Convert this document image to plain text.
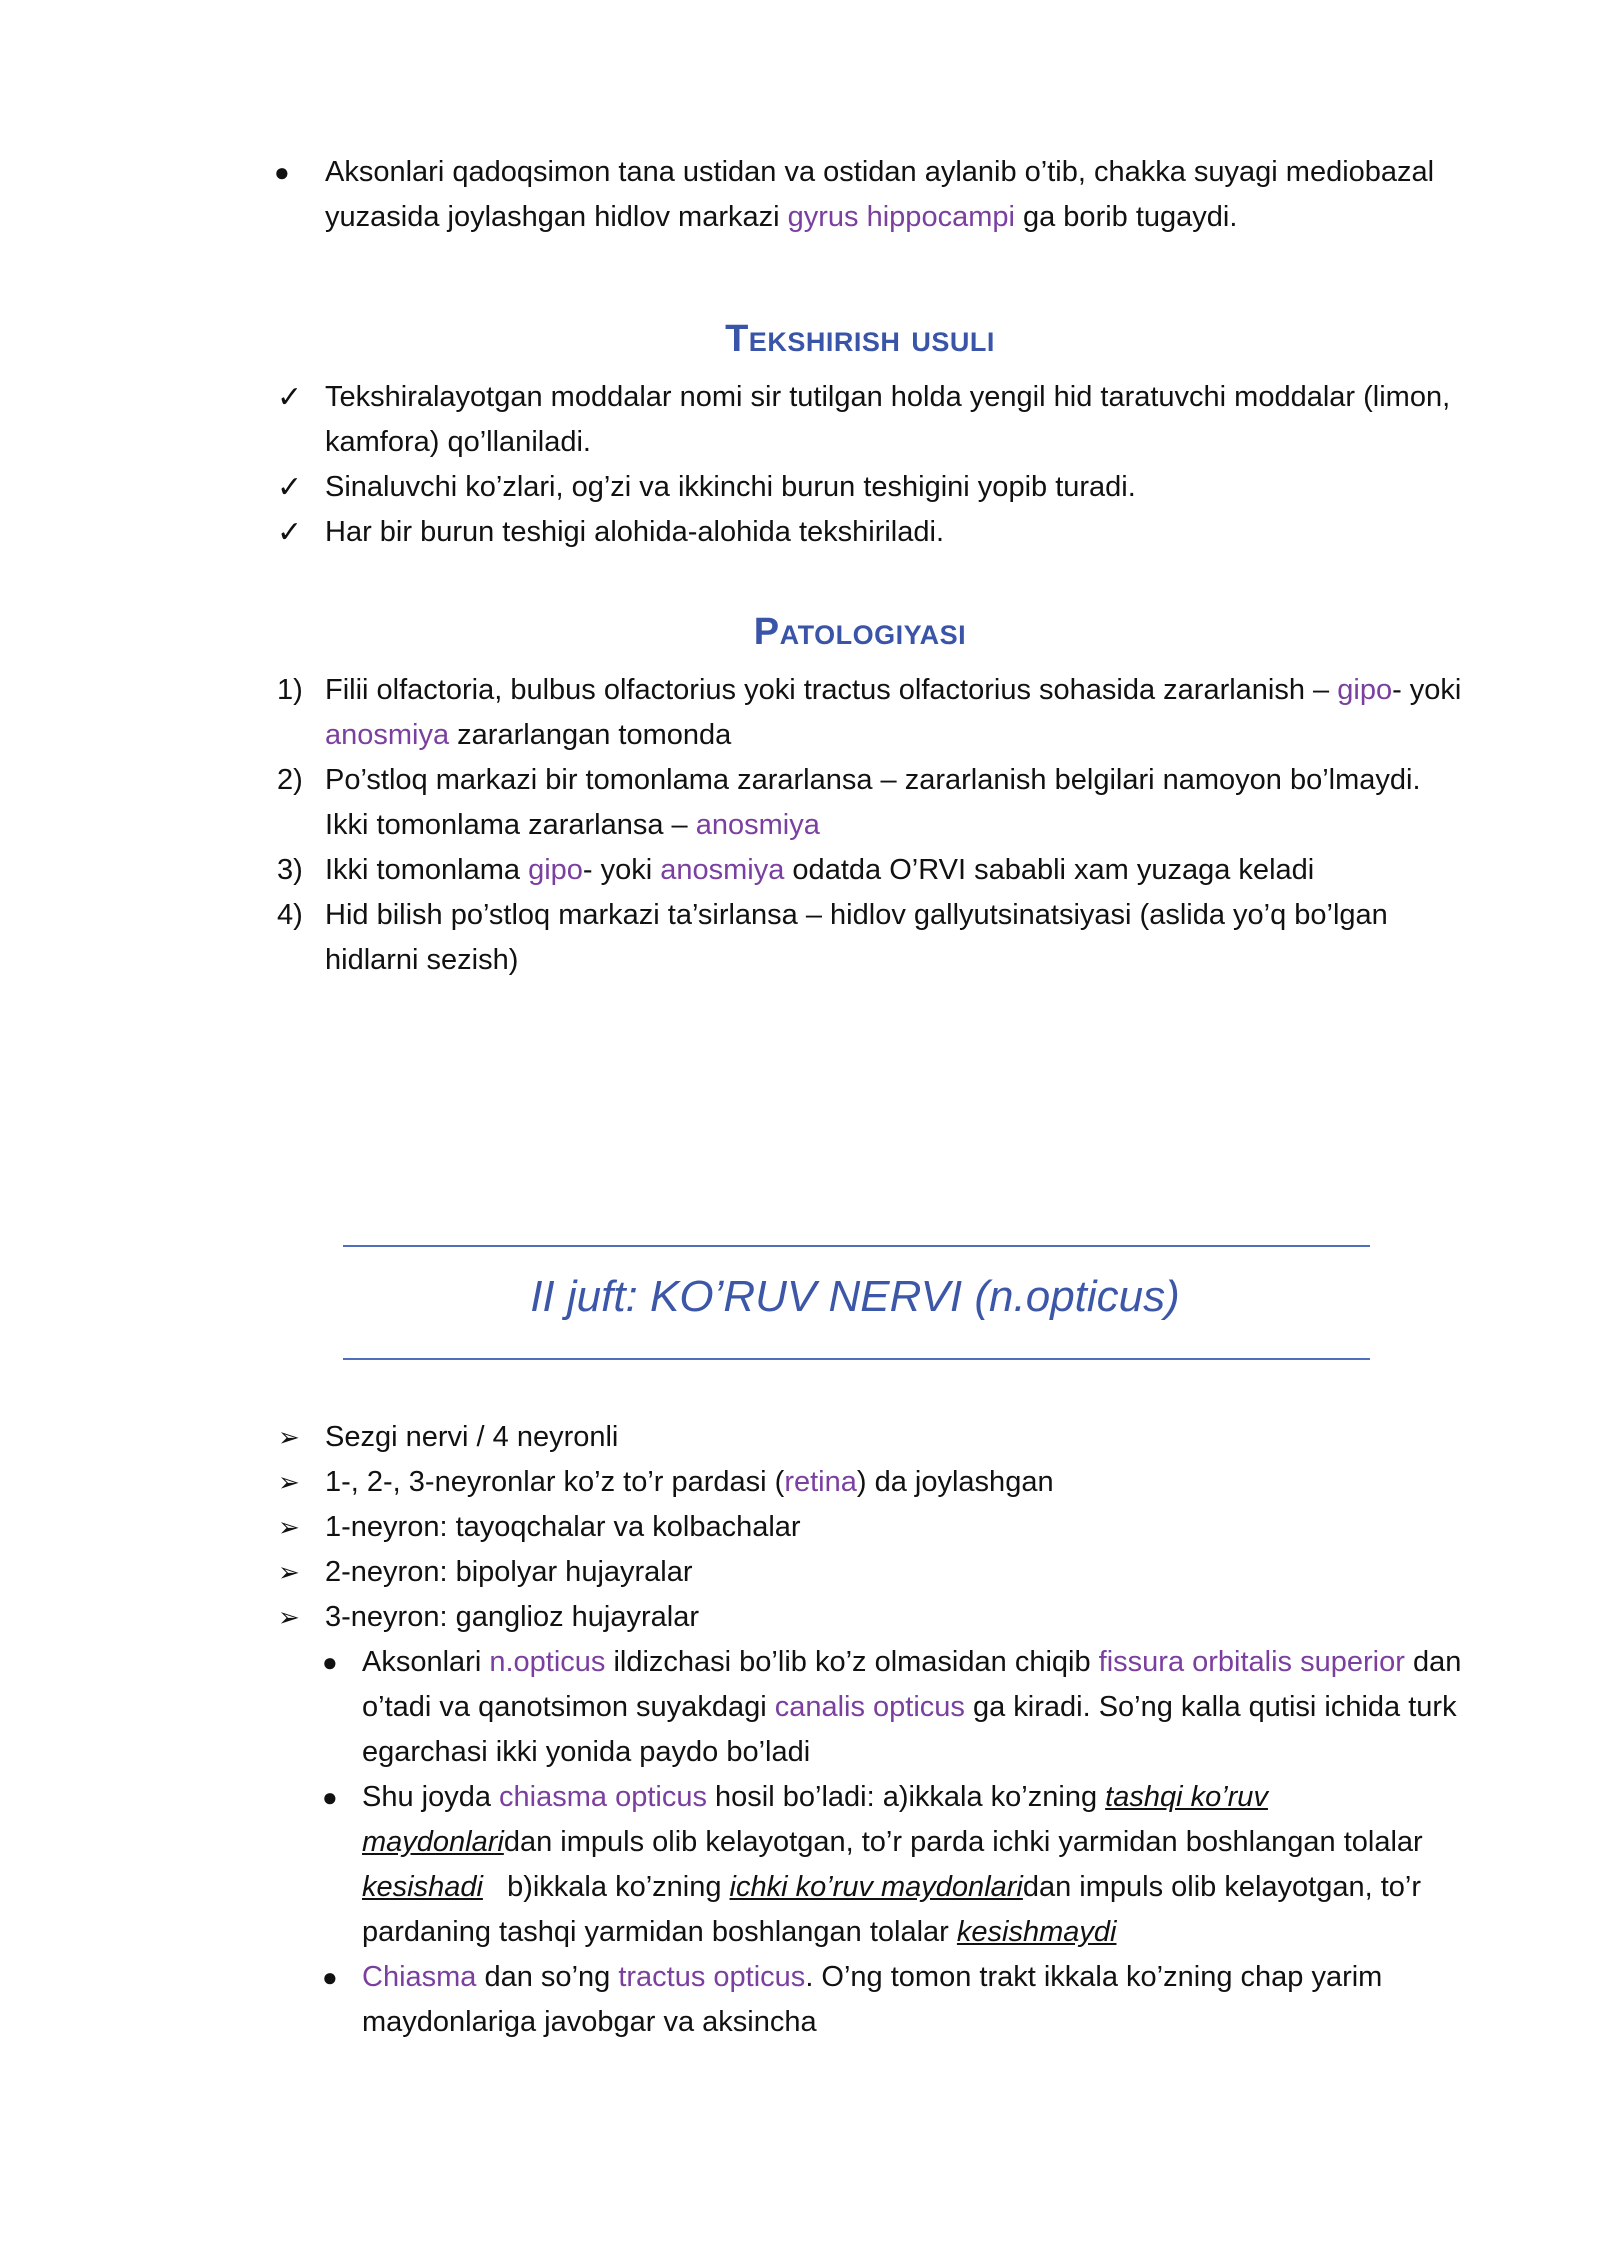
● Aksonlari qadoqsimon tana ustidan va ostidan aylanib o’tib, chakka suyagi mediobazal
yuzasida joylashgan hidlov markazi gyrus hippocampi ga borib tugaydi.
Tekshirish usuli
✓ Tekshiralayotgan moddalar nomi sir tutilgan holda yengil hid taratuvchi moddalar (limon,
kamfora) qo’llaniladi.
✓ Sinaluvchi ko’zlari, og’zi va ikkinchi burun teshigini yopib turadi.
✓ Har bir burun teshigi alohida-alohida tekshiriladi.
Patologiyasi
1) Filii olfactoria, bulbus olfactorius yoki tractus olfactorius sohasida zararlanish – gipo- yoki
anosmiya zararlangan tomonda
2) Po’stloq markazi bir tomonlama zararlansa – zararlanish belgilari namoyon bo’lmaydi.
Ikki tomonlama zararlansa – anosmiya
3) Ikki tomonlama gipo- yoki anosmiya odatda O’RVI sababli xam yuzaga keladi
4) Hid bilish po’stloq markazi ta’sirlansa – hidlov gallyutsinatsiyasi (aslida yo’q bo’lgan
hidlarni sezish)
II juft: KO’RUV NERVI (n.opticus)
➢ Sezgi nervi / 4 neyronli
➢ 1-, 2-, 3-neyronlar ko’z to’r pardasi (retina) da joylashgan
➢ 1-neyron: tayoqchalar va kolbachalar
➢ 2-neyron: bipolyar hujayralar
➢ 3-neyron: ganglioz hujayralar
● Aksonlari n.opticus ildizchasi bo’lib ko’z olmasidan chiqib fissura orbitalis superior dan
o’tadi va qanotsimon suyakdagi canalis opticus ga kiradi. So’ng kalla qutisi ichida turk
egarchasi ikki yonida paydo bo’ladi
● Shu joyda chiasma opticus hosil bo’ladi: a)ikkala ko’zning tashqi ko’ruv
maydonlaridan impuls olib kelayotgan, to’r parda ichki yarmidan boshlangan tolalar
kesishadi   b)ikkala ko’zning ichki ko’ruv maydonlaridan impuls olib kelayotgan, to’r
pardaning tashqi yarmidan boshlangan tolalar kesishmaydi
● Chiasma dan so’ng tractus opticus. O’ng tomon trakt ikkala ko’zning chap yarim
maydonlariga javobgar va aksincha
